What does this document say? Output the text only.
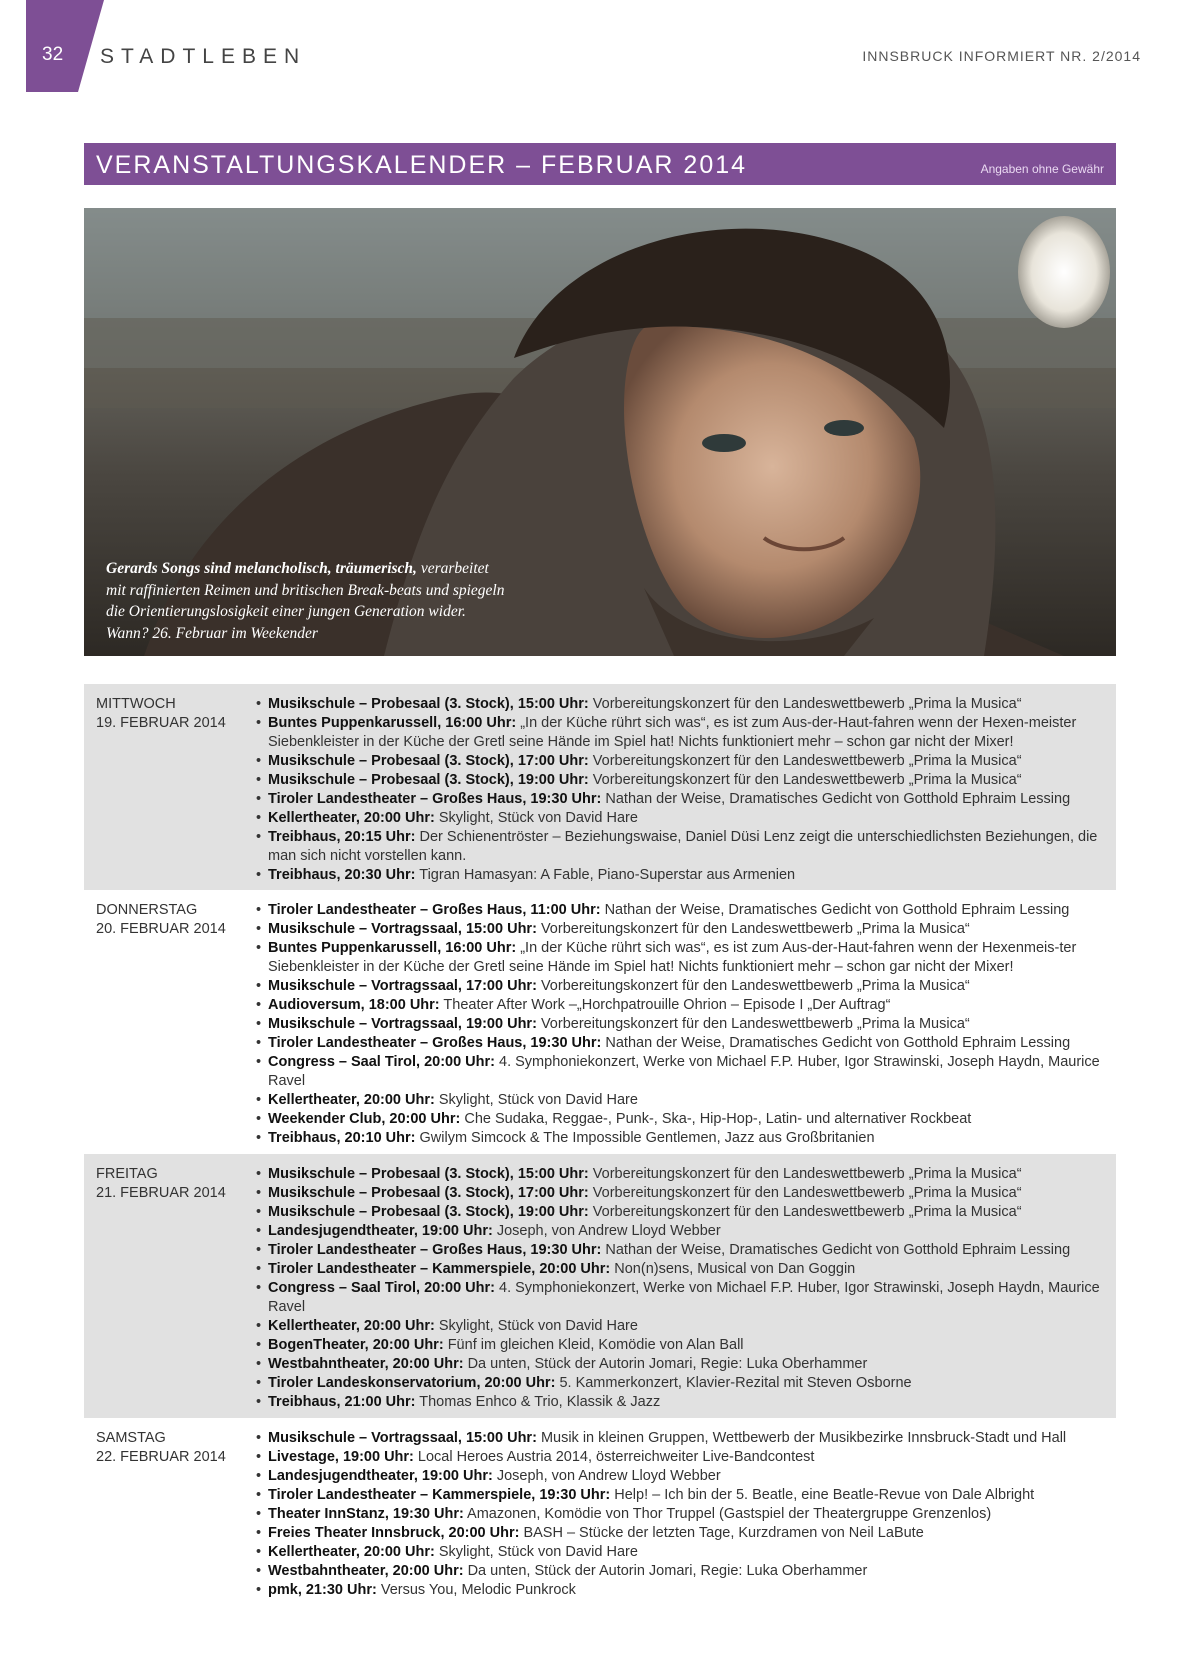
32 STADTLEBEN	INNSBRUCK INFORMIERT NR. 2/2014
VERANSTALTUNGSKALENDER – FEBRUAR 2014	Angaben ohne Gewähr
Gerards Songs sind melancholisch, träumerisch, verarbeitet mit raffinierten Reimen und britischen Break-beats und spiegeln die Orientierungslosigkeit einer jungen Generation wider. Wann? 26. Februar im Weekender
MITTWOCH
19. FEBRUAR 2014
• Musikschule – Probesaal (3. Stock), 15:00 Uhr: Vorbereitungskonzert für den Landeswettbewerb „Prima la Musica“
• Buntes Puppenkarussell, 16:00 Uhr: „In der Küche rührt sich was“, es ist zum Aus-der-Haut-fahren wenn der Hexen-meister Siebenkleister in der Küche der Gretl seine Hände im Spiel hat! Nichts funktioniert mehr – schon gar nicht der Mixer!
• Musikschule – Probesaal (3. Stock), 17:00 Uhr: Vorbereitungskonzert für den Landeswettbewerb „Prima la Musica“
• Musikschule – Probesaal (3. Stock), 19:00 Uhr: Vorbereitungskonzert für den Landeswettbewerb „Prima la Musica“
• Tiroler Landestheater – Großes Haus, 19:30 Uhr: Nathan der Weise, Dramatisches Gedicht von Gotthold Ephraim Lessing
• Kellertheater, 20:00 Uhr: Skylight, Stück von David Hare
• Treibhaus, 20:15 Uhr: Der Schienentröster – Beziehungswaise, Daniel Düsi Lenz zeigt die unterschiedlichsten Beziehungen, die man sich nicht vorstellen kann.
• Treibhaus, 20:30 Uhr: Tigran Hamasyan: A Fable, Piano-Superstar aus Armenien
DONNERSTAG
20. FEBRUAR 2014
• Tiroler Landestheater – Großes Haus, 11:00 Uhr: Nathan der Weise, Dramatisches Gedicht von Gotthold Ephraim Lessing
• Musikschule – Vortragssaal, 15:00 Uhr: Vorbereitungskonzert für den Landeswettbewerb „Prima la Musica“
• Buntes Puppenkarussell, 16:00 Uhr: „In der Küche rührt sich was“, es ist zum Aus-der-Haut-fahren wenn der Hexenmeis-ter Siebenkleister in der Küche der Gretl seine Hände im Spiel hat! Nichts funktioniert mehr – schon gar nicht der Mixer!
• Musikschule – Vortragssaal, 17:00 Uhr: Vorbereitungskonzert für den Landeswettbewerb „Prima la Musica“
• Audioversum, 18:00 Uhr: Theater After Work –„Horchpatrouille Ohrion – Episode I „Der Auftrag“
• Musikschule – Vortragssaal, 19:00 Uhr: Vorbereitungskonzert für den Landeswettbewerb „Prima la Musica“
• Tiroler Landestheater – Großes Haus, 19:30 Uhr: Nathan der Weise, Dramatisches Gedicht von Gotthold Ephraim Lessing
• Congress – Saal Tirol, 20:00 Uhr: 4. Symphoniekonzert, Werke von Michael F.P. Huber, Igor Strawinski, Joseph Haydn, Maurice Ravel
• Kellertheater, 20:00 Uhr: Skylight, Stück von David Hare
• Weekender Club, 20:00 Uhr: Che Sudaka, Reggae-, Punk-, Ska-, Hip-Hop-, Latin- und alternativer Rockbeat
• Treibhaus, 20:10 Uhr: Gwilym Simcock & The Impossible Gentlemen, Jazz aus Großbritanien
FREITAG
21. FEBRUAR 2014
• Musikschule – Probesaal (3. Stock), 15:00 Uhr: Vorbereitungskonzert für den Landeswettbewerb „Prima la Musica“
• Musikschule – Probesaal (3. Stock), 17:00 Uhr: Vorbereitungskonzert für den Landeswettbewerb „Prima la Musica“
• Musikschule – Probesaal (3. Stock), 19:00 Uhr: Vorbereitungskonzert für den Landeswettbewerb „Prima la Musica“
• Landesjugendtheater, 19:00 Uhr: Joseph, von Andrew Lloyd Webber
• Tiroler Landestheater – Großes Haus, 19:30 Uhr: Nathan der Weise, Dramatisches Gedicht von Gotthold Ephraim Lessing
• Tiroler Landestheater – Kammerspiele, 20:00 Uhr: Non(n)sens, Musical von Dan Goggin
• Congress – Saal Tirol, 20:00 Uhr: 4. Symphoniekonzert, Werke von Michael F.P. Huber, Igor Strawinski, Joseph Haydn, Maurice Ravel
• Kellertheater, 20:00 Uhr: Skylight, Stück von David Hare
• BogenTheater, 20:00 Uhr: Fünf im gleichen Kleid, Komödie von Alan Ball
• Westbahntheater, 20:00 Uhr: Da unten, Stück der Autorin Jomari, Regie: Luka Oberhammer
• Tiroler Landeskonservatorium, 20:00 Uhr: 5. Kammerkonzert, Klavier-Rezital mit Steven Osborne
• Treibhaus, 21:00 Uhr: Thomas Enhco & Trio, Klassik & Jazz
SAMSTAG
22. FEBRUAR 2014
• Musikschule – Vortragssaal, 15:00 Uhr: Musik in kleinen Gruppen, Wettbewerb der Musikbezirke Innsbruck-Stadt und Hall
• Livestage, 19:00 Uhr: Local Heroes Austria 2014, österreichweiter Live-Bandcontest
• Landesjugendtheater, 19:00 Uhr: Joseph, von Andrew Lloyd Webber
• Tiroler Landestheater – Kammerspiele, 19:30 Uhr: Help! – Ich bin der 5. Beatle, eine Beatle-Revue von Dale Albright
• Theater InnStanz, 19:30 Uhr: Amazonen, Komödie von Thor Truppel (Gastspiel der Theatergruppe Grenzenlos)
• Freies Theater Innsbruck, 20:00 Uhr: BASH – Stücke der letzten Tage, Kurzdramen von Neil LaBute
• Kellertheater, 20:00 Uhr: Skylight, Stück von David Hare
• Westbahntheater, 20:00 Uhr: Da unten, Stück der Autorin Jomari, Regie: Luka Oberhammer
• pmk, 21:30 Uhr: Versus You, Melodic Punkrock
